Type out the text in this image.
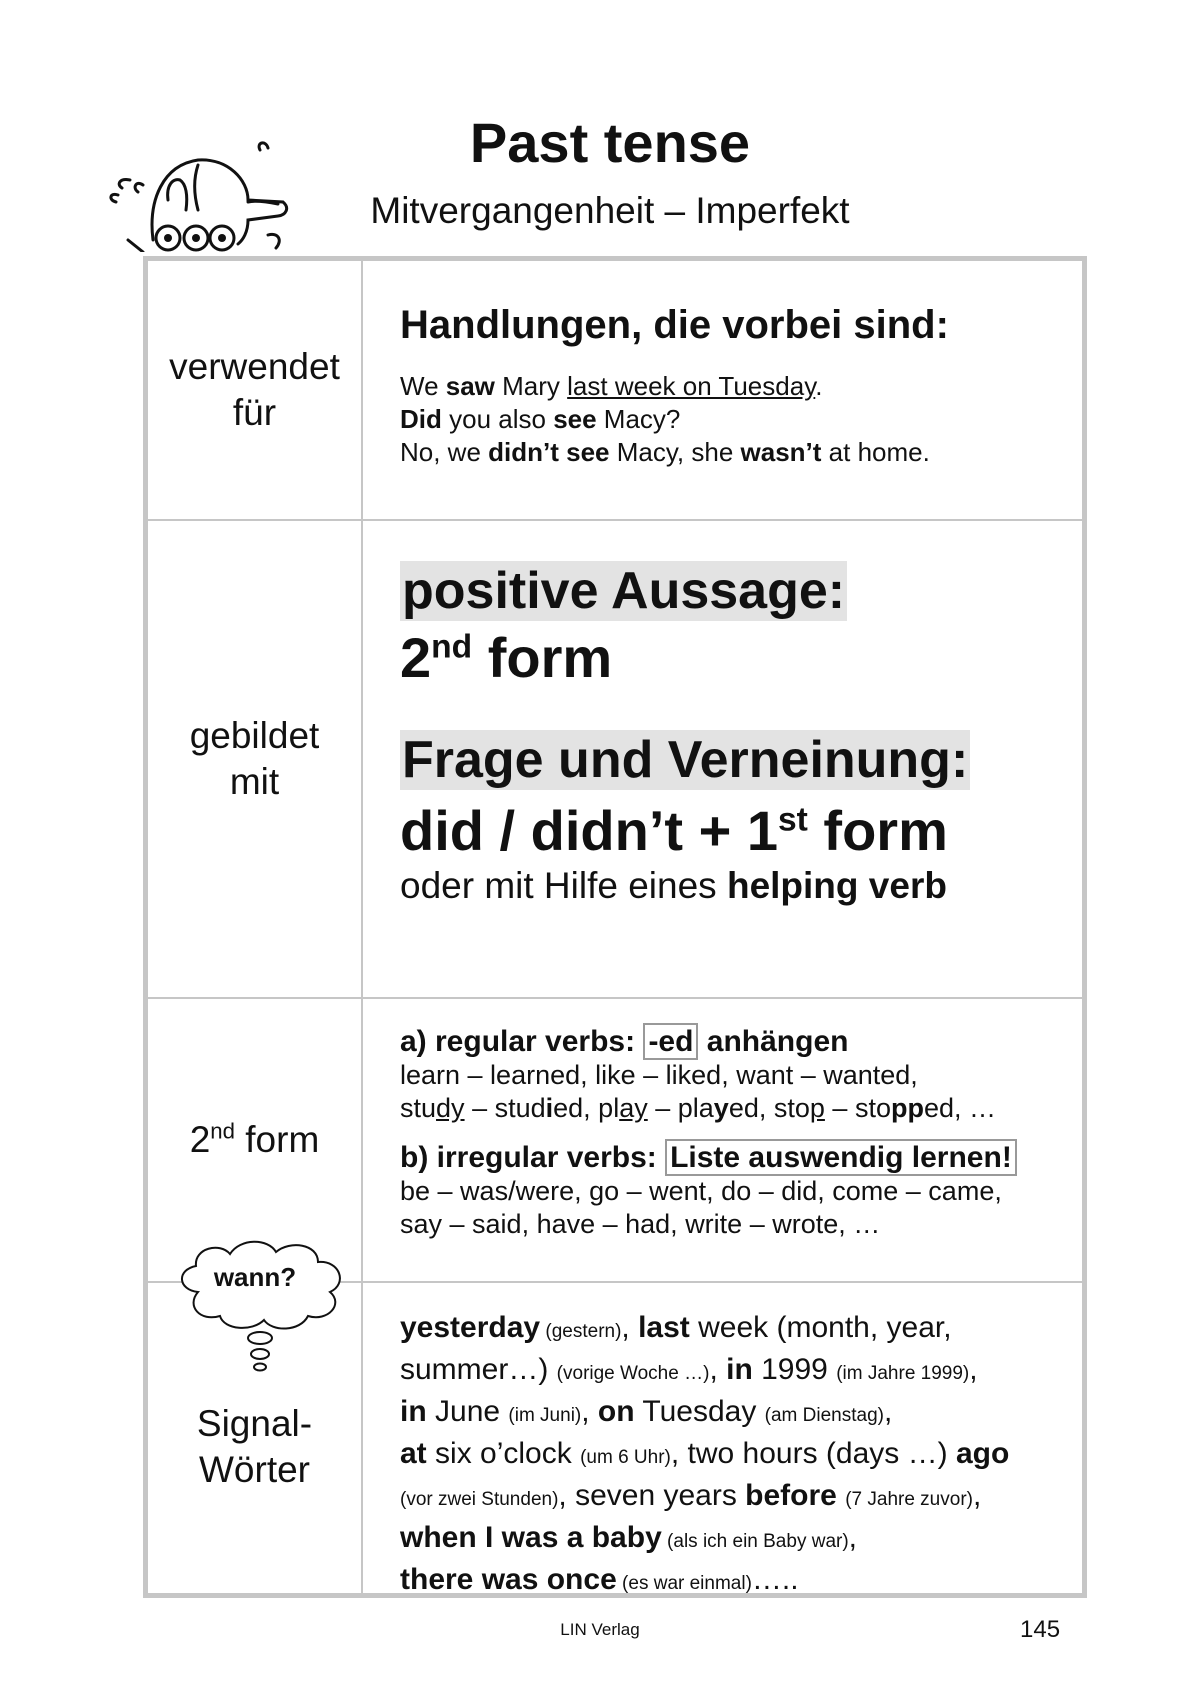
Past tense
Mitvergangenheit – Imperfekt
verwendet
für
Handlungen, die vorbei sind:
We saw Mary last week on Tuesday.
Did you also see Macy?
No, we didn’t see Macy, she wasn’t at home.
gebildet
mit
positive Aussage:
2nd form
Frage und Verneinung:
did / didn’t + 1st form
oder mit Hilfe eines helping verb
2nd form
a) regular verbs: -ed anhängen
learn – learned, like – liked, want – wanted,
study – studied, play – played, stop – stopped, …
b) irregular verbs: Liste auswendig lernen!
be – was/were, go – went, do – did, come – came,
say – said, have – had, write – wrote, …
Signal-
Wörter
yesterday (gestern), last week (month, year,
summer…) (vorige Woche …), in 1999 (im Jahre 1999),
in June (im Juni), on Tuesday (am Dienstag),
at six o’clock (um 6 Uhr), two hours (days …) ago
(vor zwei Stunden), seven years before (7 Jahre zuvor),
when I was a baby (als ich ein Baby war),
there was once (es war einmal)…..
wann?
LIN Verlag	145
